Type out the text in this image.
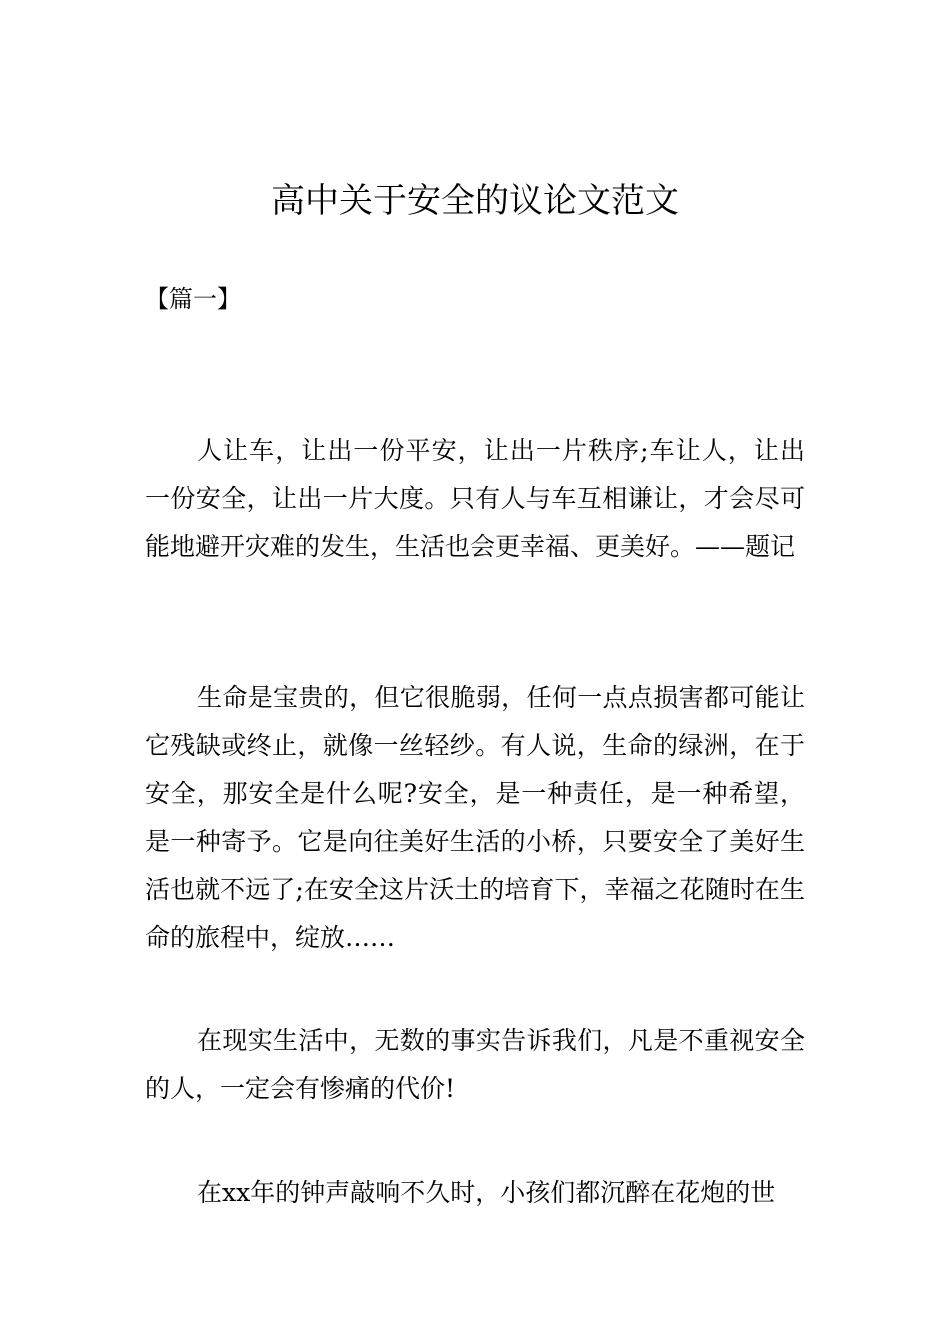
高中关于安全的议论文范文
【篇一】

人让车，让出一份平安，让出一片秩序;车让人，让出一份安全，让出一片大度。只有人与车互相谦让，才会尽可能地避开灾难的发生，生活也会更幸福、更美好。——题记

生命是宝贵的，但它很脆弱，任何一点点损害都可能让它残缺或终止，就像一丝轻纱。有人说，生命的绿洲，在于安全，那安全是什么呢?安全，是一种责任，是一种希望，是一种寄予。它是向往美好生活的小桥，只要安全了美好生活也就不远了;在安全这片沃土的培育下，幸福之花随时在生命的旅程中，绽放……

在现实生活中，无数的事实告诉我们，凡是不重视安全的人，一定会有惨痛的代价!

在xx年的钟声敲响不久时，小孩们都沉醉在花炮的世
